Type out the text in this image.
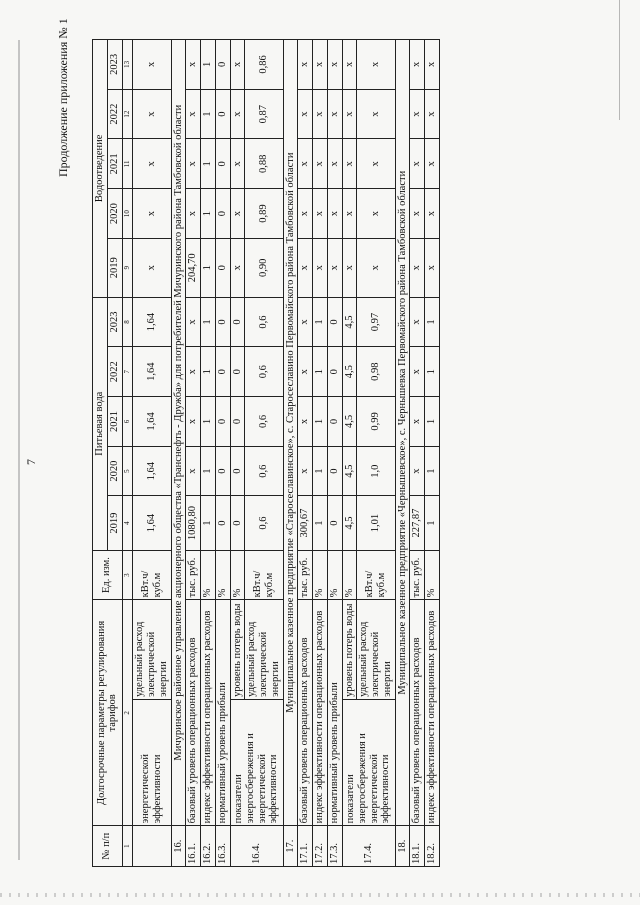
7
Продолжение приложения № 1
№ п/п	Долгосрочные параметры регулирования тарифов		Ед. изм.	Питьевая вода					Водоотведение				
				2019	2020	2021	2022	2023	2019	2020	2021	2022	2023
1	2		3	4	5	6	7	8	9	10	11	12	13
	энергетической эффективности	удельный расход электрической энергии	кВт.ч/ куб.м	1,64	1,64	1,64	1,64	1,64	х	х	х	х	х
16.	Мичуринское районное управление акционерного общества «Транснефть - Дружба» для потребителей Мичуринского района Тамбовской области												
16.1.	базовый уровень операционных расходов		тыс. руб.	1080,80	х	х	х	х	204,70	х	х	х	х
16.2.	индекс эффективности операционных расходов		%	1	1	1	1	1	1	1	1	1	1
16.3.	нормативный уровень прибыли		%	0	0	0	0	0	0	0	0	0	0
16.4.	показатели энергосбережения и энергетической эффективности	уровень потерь воды	%	0	0	0	0	0	х	х	х	х	х
		удельный расход электрической энергии	кВт.ч/ куб.м	0,6	0,6	0,6	0,6	0,6	0,90	0,89	0,88	0,87	0,86
17.	Муниципальное казенное предприятие «Старосеславинское», с. Старосеславино Первомайского района Тамбовской области												
17.1.	базовый уровень операционных расходов		тыс. руб.	300,67	х	х	х	х	х	х	х	х	х
17.2.	индекс эффективности операционных расходов		%	1	1	1	1	1	х	х	х	х	х
17.3.	нормативный уровень прибыли		%	0	0	0	0	0	х	х	х	х	х
17.4.	показатели энергосбережения и энергетической эффективности	уровень потерь воды	%	4,5	4,5	4,5	4,5	4,5	х	х	х	х	х
		удельный расход электрической энергии	кВт.ч/ куб.м	1,01	1,0	0,99	0,98	0,97	х	х	х	х	х
18.	Муниципальное казенное предприятие «Чернышевское», с. Чернышевка Первомайского района Тамбовской области												
18.1.	базовый уровень операционных расходов		тыс. руб.	227,87	х	х	х	х	х	х	х	х	х
18.2.	индекс эффективности операционных расходов		%	1	1	1	1	1	х	х	х	х	х
